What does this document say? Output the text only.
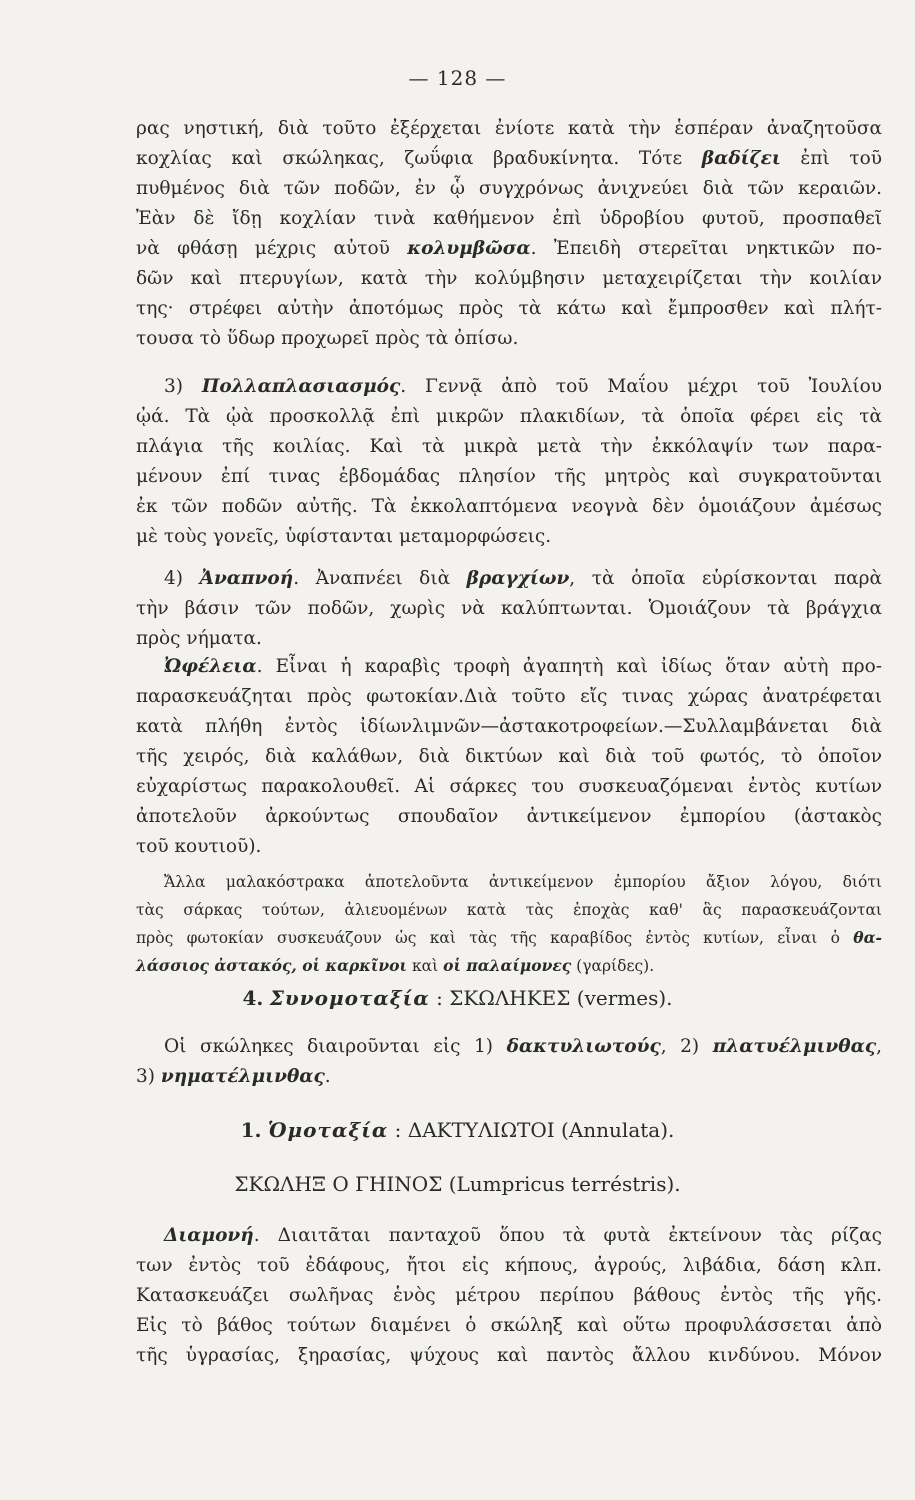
— 128 —
ρας νηστική, διὰ τοῦτο ἐξέρχεται ἐνίοτε κατὰ τὴν ἑσπέραν ἀναζητοῦσα
κοχλίας καὶ σκώληκας, ζωΰφια βραδυκίνητα. Τότε βαδίζει ἐπὶ τοῦ
πυθμένος διὰ τῶν ποδῶν, ἐν ᾧ συγχρόνως ἀνιχνεύει διὰ τῶν κεραιῶν.
Ἐὰν δὲ ἴδῃ κοχλίαν τινὰ καθήμενον ἐπὶ ὑδροβίου φυτοῦ, προσπαθεῖ
νὰ φθάσῃ μέχρις αὐτοῦ κολυμβῶσα. Ἐπειδὴ στερεῖται νηκτικῶν πο-
δῶν καὶ πτερυγίων, κατὰ τὴν κολύμβησιν μεταχειρίζεται τὴν κοιλίαν
της· στρέφει αὐτὴν ἀποτόμως πρὸς τὰ κάτω καὶ ἔμπροσθεν καὶ πλήτ-
τουσα τὸ ὕδωρ προχωρεῖ πρὸς τὰ ὀπίσω.
3) Πολλαπλασιασμός. Γεννᾷ ἀπὸ τοῦ Μαΐου μέχρι τοῦ Ἰουλίου
ᾠά. Τὰ ᾠὰ προσκολλᾷ ἐπὶ μικρῶν πλακιδίων, τὰ ὁποῖα φέρει εἰς τὰ
πλάγια τῆς κοιλίας. Καὶ τὰ μικρὰ μετὰ τὴν ἐκκόλαψίν των παρα-
μένουν ἐπί τινας ἑβδομάδας πλησίον τῆς μητρὸς καὶ συγκρατοῦνται
ἐκ τῶν ποδῶν αὐτῆς. Τὰ ἐκκολαπτόμενα νεογνὰ δὲν ὁμοιάζουν ἀμέσως
μὲ τοὺς γονεῖς, ὑφίστανται μεταμορφώσεις.
4) Ἀναπνοή. Ἀναπνέει διὰ βραγχίων, τὰ ὁποῖα εὑρίσκονται παρὰ
τὴν βάσιν τῶν ποδῶν, χωρὶς νὰ καλύπτωνται. Ὁμοιάζουν τὰ βράγχια
πρὸς νήματα.
Ὠφέλεια. Εἶναι ἡ καραβὶς τροφὴ ἀγαπητὴ καὶ ἰδίως ὅταν αὐτὴ προ-
παρασκευάζηται πρὸς φωτοκίαν.Διὰ τοῦτο εἴς τινας χώρας ἀνατρέφεται
κατὰ πλήθη ἐντὸς ἰδίωνλιμνῶν—ἀστακοτροφείων.—Συλλαμβάνεται διὰ
τῆς χειρός, διὰ καλάθων, διὰ δικτύων καὶ διὰ τοῦ φωτός, τὸ ὁποῖον
εὐχαρίστως παρακολουθεῖ. Αἱ σάρκες του συσκευαζόμεναι ἐντὸς κυτίων
ἀποτελοῦν ἀρκούντως σπουδαῖον ἀντικείμενον ἐμπορίου (ἀστακὸς
τοῦ κουτιοῦ).
Ἄλλα μαλακόστρακα ἀποτελοῦντα ἀντικείμενον ἐμπορίου ἄξιον λόγου, διότι
τὰς σάρκας τούτων, ἀλιευομένων κατὰ τὰς ἐποχὰς καθ' ἃς παρασκευάζονται
πρὸς φωτοκίαν συσκευάζουν ὡς καὶ τὰς τῆς καραβίδος ἐντὸς κυτίων, εἶναι ὁ θα-
λάσσιος ἀστακός, οἱ καρκῖνοι καὶ οἱ παλαίμονες (γαρίδες).
4. Συνομοταξία : ΣΚΩΛΗΚΕΣ (vermes).
Οἱ σκώληκες διαιροῦνται εἰς 1) δακτυλιωτούς, 2) πλατυέλμινθας,
3) νηματέλμινθας.
1. Ὁμοταξία : ΔΑΚΤΥΛΙΩΤΟΙ (Annulata).
ΣΚΩΛΗΞ Ο ΓΗΙΝΟΣ (Lumpricus terréstris).
Διαμονή. Διαιτᾶται πανταχοῦ ὅπου τὰ φυτὰ ἐκτείνουν τὰς ρίζας
των ἐντὸς τοῦ ἐδάφους, ἤτοι εἰς κήπους, ἀγρούς, λιβάδια, δάση κλπ.
Κατασκευάζει σωλῆνας ἑνὸς μέτρου περίπου βάθους ἐντὸς τῆς γῆς.
Εἰς τὸ βάθος τούτων διαμένει ὁ σκώληξ καὶ οὕτω προφυλάσσεται ἀπὸ
τῆς ὑγρασίας, ξηρασίας, ψύχους καὶ παντὸς ἄλλου κινδύνου. Μόνον
